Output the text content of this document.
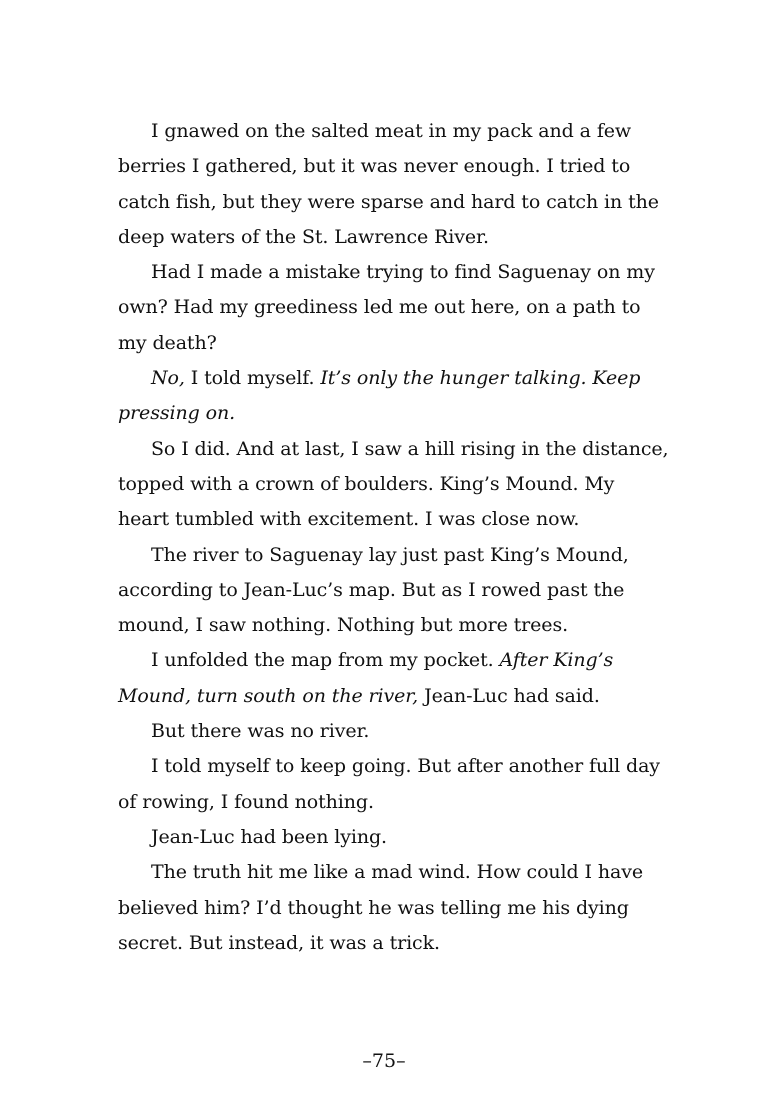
I gnawed on the salted meat in my pack and a few
berries I gathered, but it was never enough. I tried to
catch fish, but they were sparse and hard to catch in the
deep waters of the St. Lawrence River.

Had I made a mistake trying to find Saguenay on my
own? Had my greediness led me out here, on a path to
my death?

No, I told myself. It’s only the hunger talking. Keep
pressing on.

So I did. And at last, I saw a hill rising in the distance,
topped with a crown of boulders. King’s Mound. My
heart tumbled with excitement. I was close now.

The river to Saguenay lay just past King’s Mound,
according to Jean-Luc’s map. But as I rowed past the
mound, I saw nothing. Nothing but more trees.

I unfolded the map from my pocket. After King’s
Mound, turn south on the river, Jean-Luc had said.

But there was no river.

I told myself to keep going. But after another full day
of rowing, I found nothing.

Jean-Luc had been lying.

The truth hit me like a mad wind. How could I have
believed him? I’d thought he was telling me his dying
secret. But instead, it was a trick.

–75–
